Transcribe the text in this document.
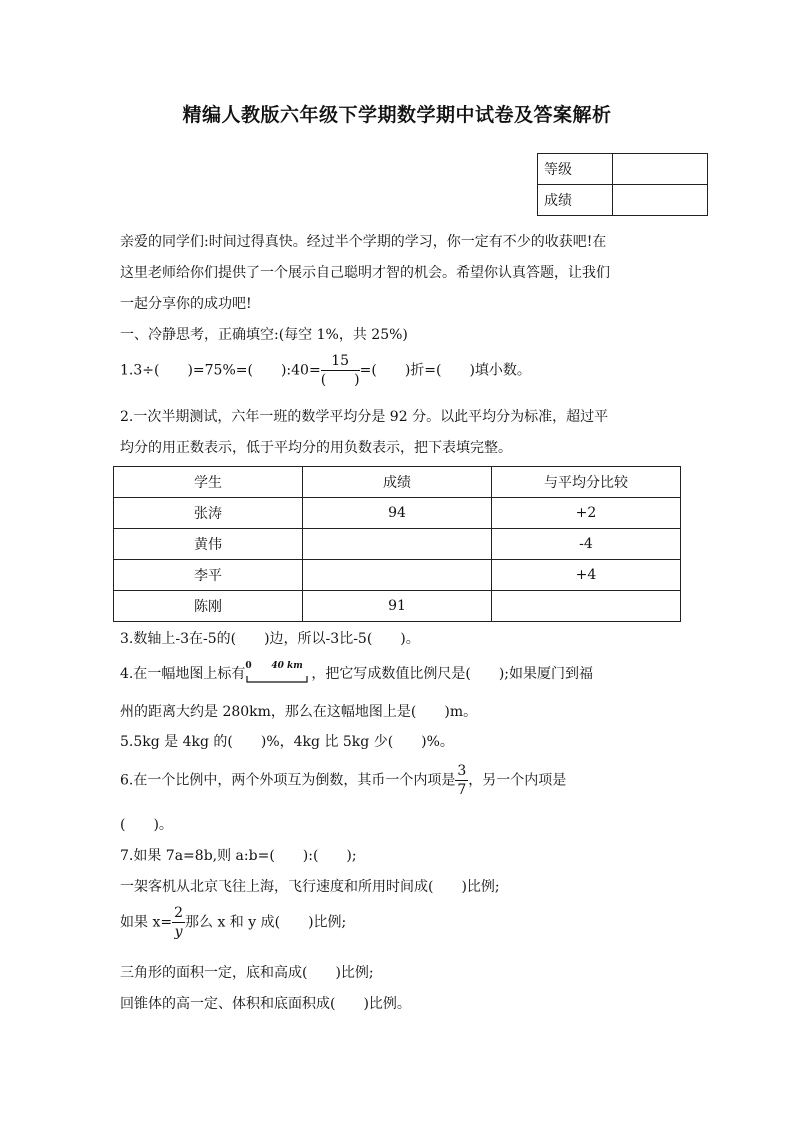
精编人教版六年级下学期数学期中试卷及答案解析
等级	
成绩	
亲爱的同学们:时间过得真快。经过半个学期的学习，你一定有不少的收获吧!在
这里老师给你们提供了一个展示自己聪明才智的机会。希望你认真答题，让我们
一起分享你的成功吧!
一、冷静思考，正确填空:(每空 1%，共 25%)
1.3÷(　　)=75%=(　　):40= $\frac{15}{( )}$ =(　　)折=(　　)填小数。
2.一次半期测试，六年一班的数学平均分是 92 分。以此平均分为标准，超过平
均分的用正数表示，低于平均分的用负数表示，把下表填完整。
学生	成绩	与平均分比较
张涛	94	+2
黄伟		-4
李平		+4
陈刚	91	
3.数轴上-3在-5的(　　)边，所以-3比-5(　　)。
4.在一幅地图上标有 0 40 km ，把它写成数值比例尺是(　　);如果厦门到福
州的距离大约是 280km，那么在这幅地图上是(　　)m。
5.5kg 是 4kg 的(　　)%，4kg 比 5kg 少(　　)%。
6.在一个比例中，两个外项互为倒数，其币一个内项是 $\frac{3}{7}$ ，另一个内项是
(　　)。
7.如果 7a=8b,则 a:b=(　　):(　　);
一架客机从北京飞往上海，飞行速度和所用时间成(　　)比例;
如果 $x= \frac{2}{y}$ 那么 x 和 y 成(　　)比例;
三角形的面积一定，底和高成(　　)比例;
回锥体的高一定、体积和底面积成(　　)比例。
